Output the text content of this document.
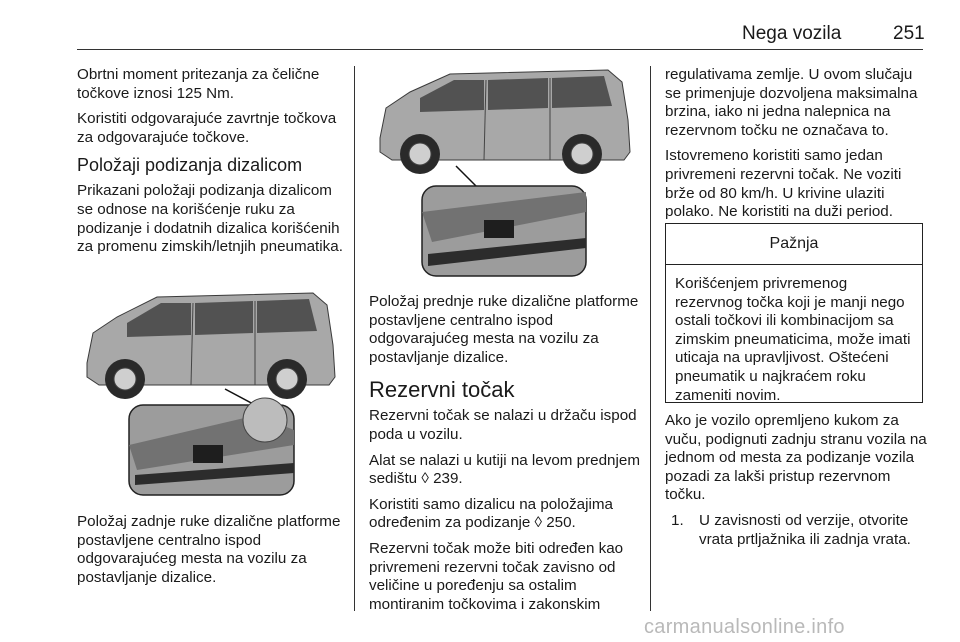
Nega vozila	251

Obrtni moment pritezanja za čelične točkove iznosi 125 Nm.

Koristiti odgovarajuće zavrtnje točkova za odgovarajuće točkove.

Položaji podizanja dizalicom

Prikazani položaji podizanja dizalicom se odnose na korišćenje ruku za podizanje i dodatnih dizalica korišćenih za promenu zimskih/letnjih pneumatika.

Položaj zadnje ruke dizalične platforme postavljene centralno ispod odgovarajućeg mesta na vozilu za postavljanje dizalice.

Položaj prednje ruke dizalične platforme postavljene centralno ispod odgovarajućeg mesta na vozilu za postavljanje dizalice.

Rezervni točak

Rezervni točak se nalazi u držaču ispod poda u vozilu.

Alat se nalazi u kutiji na levom prednjem sedištu ◊ 239.

Koristiti samo dizalicu na položajima određenim za podizanje ◊ 250.

Rezervni točak može biti određen kao privremeni rezervni točak zavisno od veličine u poređenju sa ostalim montiranim točkovima i zakonskim

regulativama zemlje. U ovom slučaju se primenjuje dozvoljena maksimalna brzina, iako ni jedna nalepnica na rezervnom točku ne označava to.

Istovremeno koristiti samo jedan privremeni rezervni točak. Ne voziti brže od 80 km/h. U krivine ulaziti polako. Ne koristiti na duži period.

Pažnja
Korišćenjem privremenog rezervnog točka koji je manji nego ostali točkovi ili kombinacijom sa zimskim pneumaticima, može imati uticaja na upravljivost. Oštećeni pneumatik u najkraćem roku zameniti novim.

Ako je vozilo opremljeno kukom za vuču, podignuti zadnju stranu vozila na jednom od mesta za podizanje vozila pozadi za lakši pristup rezervnom točku.

1.	U zavisnosti od verzije, otvorite vrata prtljažnika ili zadnja vrata.
carmanualsonline.info
